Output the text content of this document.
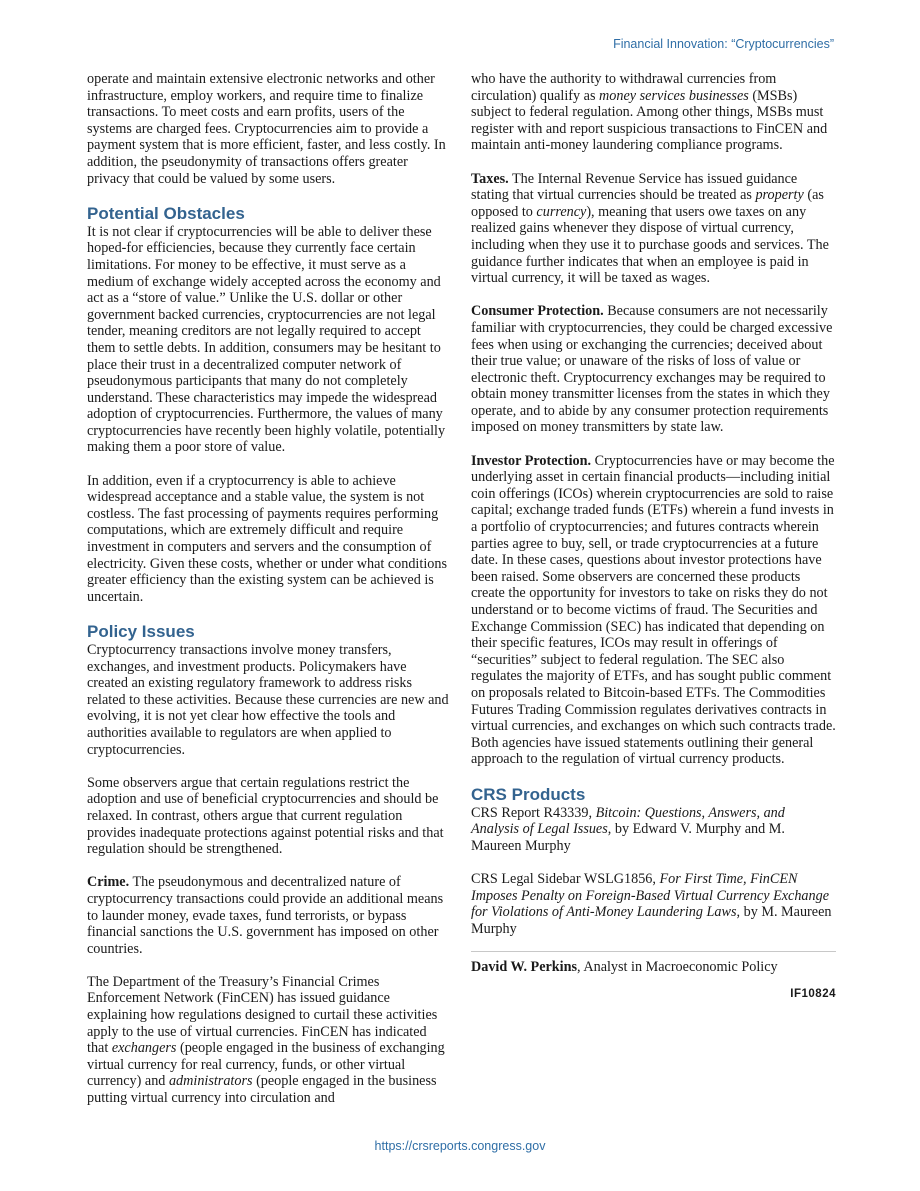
Financial Innovation: “Cryptocurrencies”

operate and maintain extensive electronic networks and other infrastructure, employ workers, and require time to finalize transactions. To meet costs and earn profits, users of the systems are charged fees. Cryptocurrencies aim to provide a payment system that is more efficient, faster, and less costly. In addition, the pseudonymity of transactions offers greater privacy that could be valued by some users.

Potential Obstacles

It is not clear if cryptocurrencies will be able to deliver these hoped-for efficiencies, because they currently face certain limitations. For money to be effective, it must serve as a medium of exchange widely accepted across the economy and act as a “store of value.” Unlike the U.S. dollar or other government backed currencies, cryptocurrencies are not legal tender, meaning creditors are not legally required to accept them to settle debts. In addition, consumers may be hesitant to place their trust in a decentralized computer network of pseudonymous participants that many do not completely understand. These characteristics may impede the widespread adoption of cryptocurrencies. Furthermore, the values of many cryptocurrencies have recently been highly volatile, potentially making them a poor store of value.

In addition, even if a cryptocurrency is able to achieve widespread acceptance and a stable value, the system is not costless. The fast processing of payments requires performing computations, which are extremely difficult and require investment in computers and servers and the consumption of electricity. Given these costs, whether or under what conditions greater efficiency than the existing system can be achieved is uncertain.

Policy Issues

Cryptocurrency transactions involve money transfers, exchanges, and investment products. Policymakers have created an existing regulatory framework to address risks related to these activities. Because these currencies are new and evolving, it is not yet clear how effective the tools and authorities available to regulators are when applied to cryptocurrencies.

Some observers argue that certain regulations restrict the adoption and use of beneficial cryptocurrencies and should be relaxed. In contrast, others argue that current regulation provides inadequate protections against potential risks and that regulation should be strengthened.

Crime. The pseudonymous and decentralized nature of cryptocurrency transactions could provide an additional means to launder money, evade taxes, fund terrorists, or bypass financial sanctions the U.S. government has imposed on other countries.

The Department of the Treasury’s Financial Crimes Enforcement Network (FinCEN) has issued guidance explaining how regulations designed to curtail these activities apply to the use of virtual currencies. FinCEN has indicated that exchangers (people engaged in the business of exchanging virtual currency for real currency, funds, or other virtual currency) and administrators (people engaged in the business putting virtual currency into circulation and

who have the authority to withdrawal currencies from circulation) qualify as money services businesses (MSBs) subject to federal regulation. Among other things, MSBs must register with and report suspicious transactions to FinCEN and maintain anti-money laundering compliance programs.

Taxes. The Internal Revenue Service has issued guidance stating that virtual currencies should be treated as property (as opposed to currency), meaning that users owe taxes on any realized gains whenever they dispose of virtual currency, including when they use it to purchase goods and services. The guidance further indicates that when an employee is paid in virtual currency, it will be taxed as wages.

Consumer Protection. Because consumers are not necessarily familiar with cryptocurrencies, they could be charged excessive fees when using or exchanging the currencies; deceived about their true value; or unaware of the risks of loss of value or electronic theft. Cryptocurrency exchanges may be required to obtain money transmitter licenses from the states in which they operate, and to abide by any consumer protection requirements imposed on money transmitters by state law.

Investor Protection. Cryptocurrencies have or may become the underlying asset in certain financial products—including initial coin offerings (ICOs) wherein cryptocurrencies are sold to raise capital; exchange traded funds (ETFs) wherein a fund invests in a portfolio of cryptocurrencies; and futures contracts wherein parties agree to buy, sell, or trade cryptocurrencies at a future date. In these cases, questions about investor protections have been raised. Some observers are concerned these products create the opportunity for investors to take on risks they do not understand or to become victims of fraud. The Securities and Exchange Commission (SEC) has indicated that depending on their specific features, ICOs may result in offerings of “securities” subject to federal regulation. The SEC also regulates the majority of ETFs, and has sought public comment on proposals related to Bitcoin-based ETFs. The Commodities Futures Trading Commission regulates derivatives contracts in virtual currencies, and exchanges on which such contracts trade. Both agencies have issued statements outlining their general approach to the regulation of virtual currency products.

CRS Products

CRS Report R43339, Bitcoin: Questions, Answers, and Analysis of Legal Issues, by Edward V. Murphy and M. Maureen Murphy

CRS Legal Sidebar WSLG1856, For First Time, FinCEN Imposes Penalty on Foreign-Based Virtual Currency Exchange for Violations of Anti-Money Laundering Laws, by M. Maureen Murphy

David W. Perkins, Analyst in Macroeconomic Policy
IF10824
https://crsreports.congress.gov
